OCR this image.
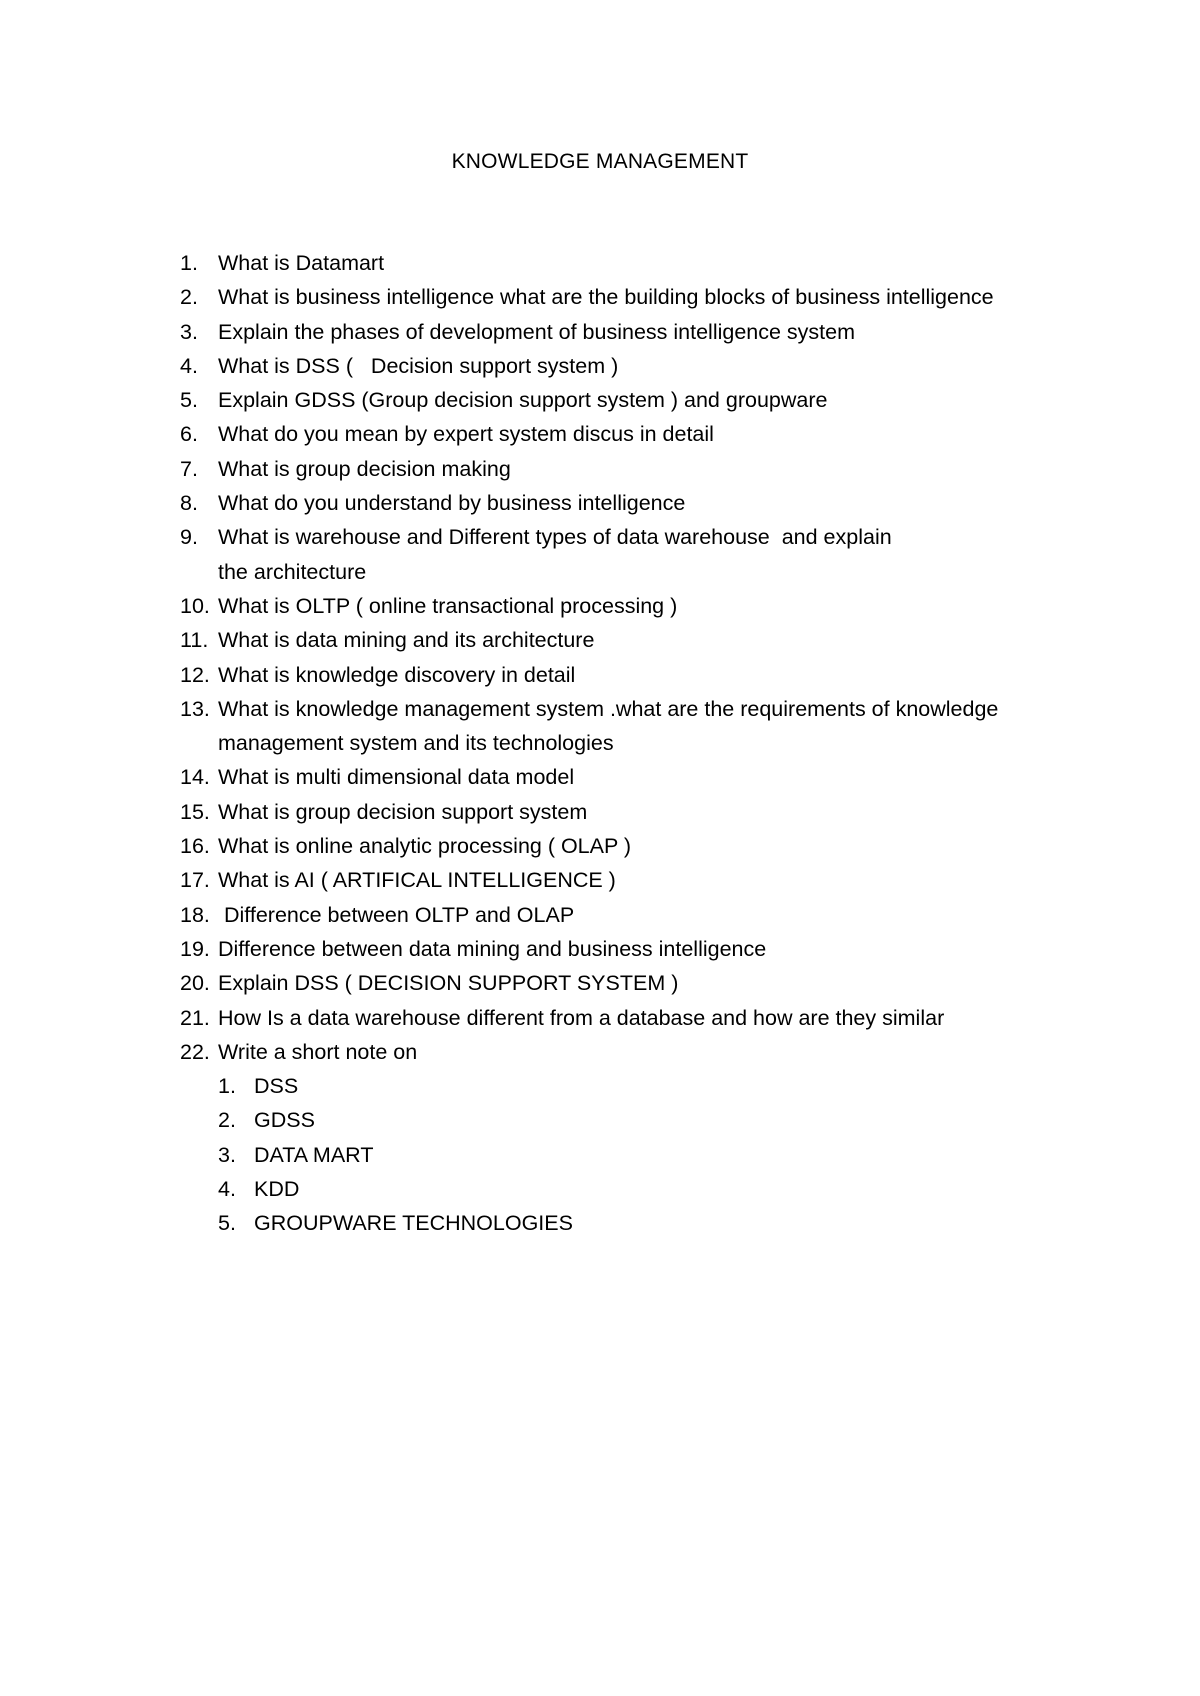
KNOWLEDGE MANAGEMENT
1. What is Datamart
2. What is business intelligence what are the building blocks of business intelligence
3. Explain the phases of development of business intelligence system
4. What is DSS (   Decision support system )
5. Explain GDSS (Group decision support system ) and groupware
6. What do you mean by expert system discus in detail
7. What is group decision making
8. What do you understand by business intelligence
9. What is warehouse and Different types of data warehouse  and explain the architecture
10. What is OLTP ( online transactional processing )
11. What is data mining and its architecture
12. What is knowledge discovery in detail
13. What is knowledge management system .what are the requirements of knowledge management system and its technologies
14. What is multi dimensional data model
15. What is group decision support system
16. What is online analytic processing ( OLAP )
17. What is AI ( ARTIFICAL INTELLIGENCE )
18. Difference between OLTP and OLAP
19. Difference between data mining and business intelligence
20. Explain DSS ( DECISION SUPPORT SYSTEM )
21. How Is a data warehouse different from a database and how are they similar
22. Write a short note on
1. DSS
2. GDSS
3. DATA MART
4. KDD
5. GROUPWARE TECHNOLOGIES
